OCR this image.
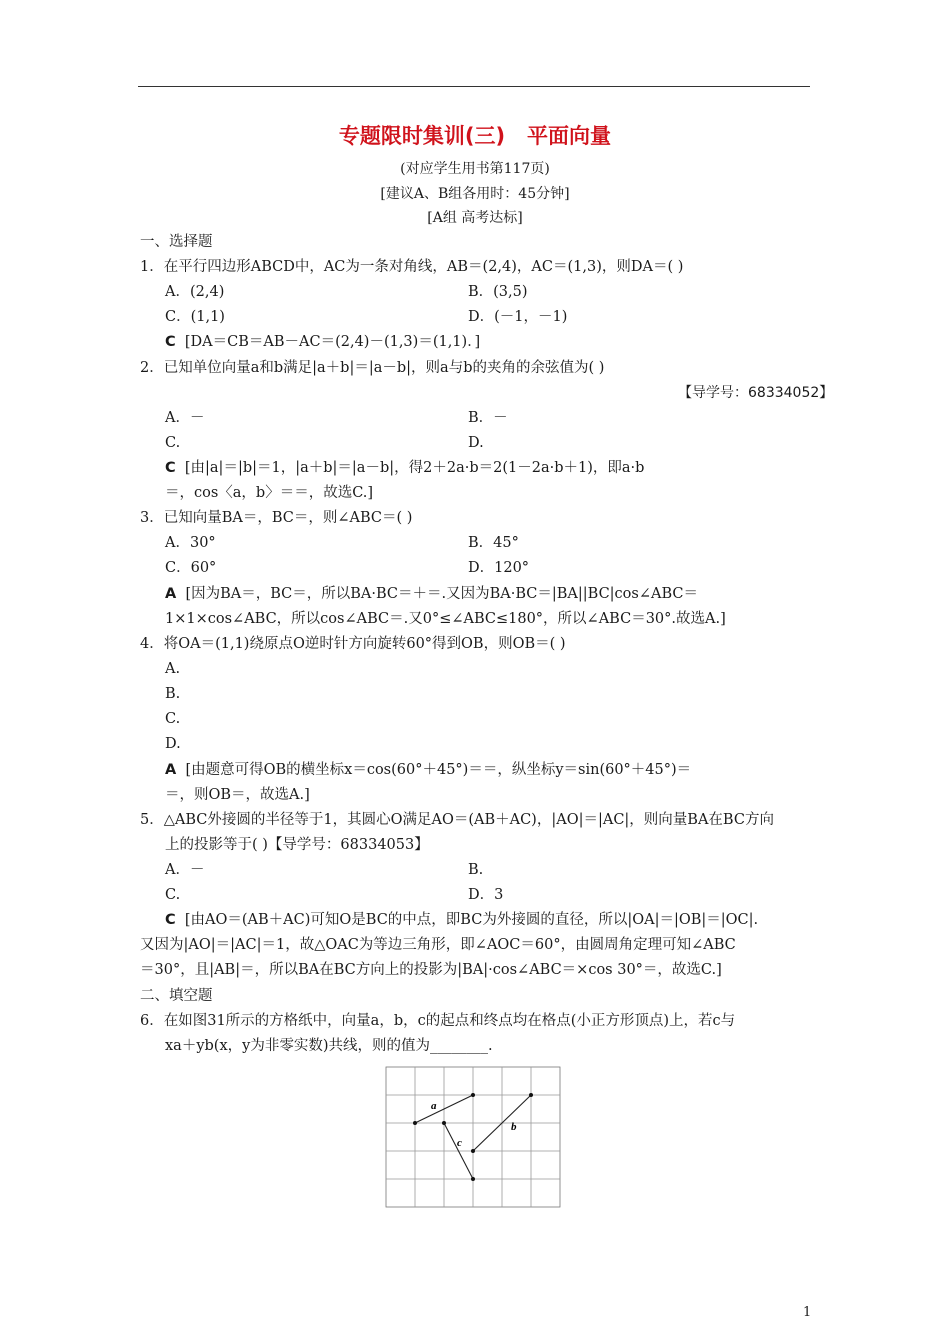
专题限时集训(三)   平面向量
(对应学生用书第117页)
[建议A、B组各用时：45分钟]
[A组 高考达标]
一、选择题
1．在平行四边形ABCD中，AC为一条对角线，AB＝(2,4)，AC＝(1,3)，则DA＝( )
A．(2,4)	B．(3,5)
C．(1,1)	D．(－1，－1)
C [DA＝CB＝AB－AC＝(2,4)－(1,3)＝(1,1)．]
2．已知单位向量a和b满足|a＋b|＝|a－b|，则a与b的夹角的余弦值为( )
【导学号：68334052】
A．－	B．－
C.	D.
C [由|a|＝|b|＝1，|a＋b|＝|a－b|，得2＋2a·b＝2(1－2a·b＋1)，即a·b
＝，cos〈a，b〉＝＝，故选C.]
3．已知向量BA＝，BC＝，则∠ABC＝( )
A．30°	B．45°
C．60°	D．120°
A [因为BA＝，BC＝，所以BA·BC＝＋＝.又因为BA·BC＝|BA||BC|cos∠ABC＝
1×1×cos∠ABC，所以cos∠ABC＝.又0°≤∠ABC≤180°，所以∠ABC＝30°.故选A.]
4．将OA＝(1,1)绕原点O逆时针方向旋转60°得到OB，则OB＝( )
A.
B.
C.
D.
A [由题意可得OB的横坐标x＝cos(60°＋45°)＝＝，纵坐标y＝sin(60°＋45°)＝
＝，则OB＝，故选A.]
5．△ABC外接圆的半径等于1，其圆心O满足AO＝(AB＋AC)，|AO|＝|AC|，则向量BA在BC方向
上的投影等于( )【导学号：68334053】
A．－	B.
C.	D．3
C [由AO＝(AB＋AC)可知O是BC的中点，即BC为外接圆的直径，所以|OA|＝|OB|＝|OC|.
又因为|AO|＝|AC|＝1，故△OAC为等边三角形，即∠AOC＝60°，由圆周角定理可知∠ABC
＝30°，且|AB|＝，所以BA在BC方向上的投影为|BA|·cos∠ABC＝×cos 30°＝，故选C.]
二、填空题
6．在如图31所示的方格纸中，向量a，b，c的起点和终点均在格点(小正方形顶点)上，若c与
xa＋yb(x，y为非零实数)共线，则的值为________.
a
b
c
1
